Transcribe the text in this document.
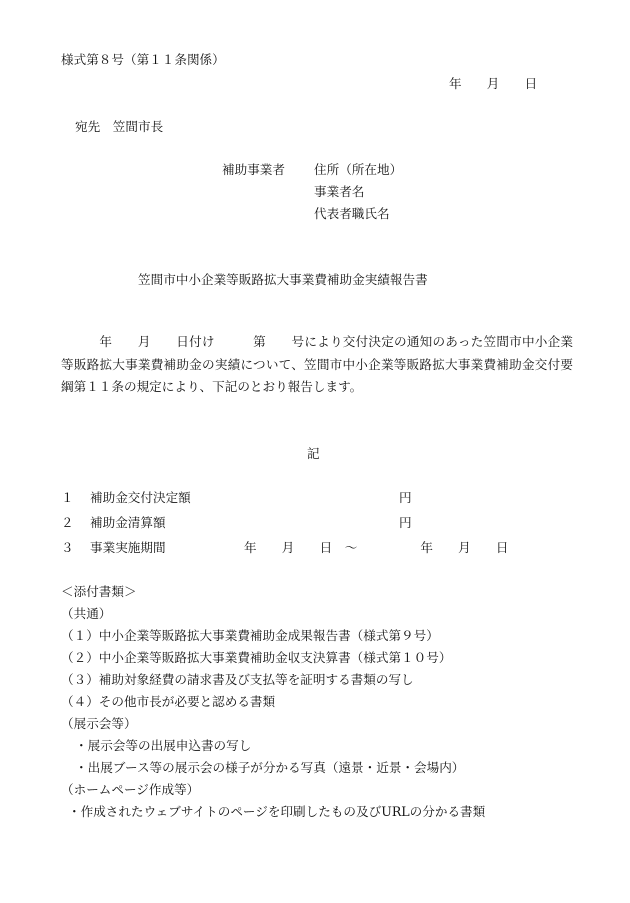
様式第８号（第１１条関係）
年　　月　　日
宛先　笠間市長
補助事業者 住所（所在地）
事業者名
代表者職氏名
笠間市中小企業等販路拡大事業費補助金実績報告書
　　　年　　月　　日付け　　　第　　号により交付決定の通知のあった笠間市中小企業等販路拡大事業費補助金の実績について、笠間市中小企業等販路拡大事業費補助金交付要綱第１１条の規定により、下記のとおり報告します。
記
１ 補助金交付決定額	円
２ 補助金清算額	円
３ 事業実施期間	年　　月　　日　～　　　　　年　　月　　日
＜添付書類＞
（共通）
（１）中小企業等販路拡大事業費補助金成果報告書（様式第９号）
（２）中小企業等販路拡大事業費補助金収支決算書（様式第１０号）
（３）補助対象経費の請求書及び支払等を証明する書類の写し
（４）その他市長が必要と認める書類
（展示会等）
・展示会等の出展申込書の写し
・出展ブース等の展示会の様子が分かる写真（遠景・近景・会場内）
（ホームページ作成等）
・作成されたウェブサイトのページを印刷したもの及びURLの分かる書類
